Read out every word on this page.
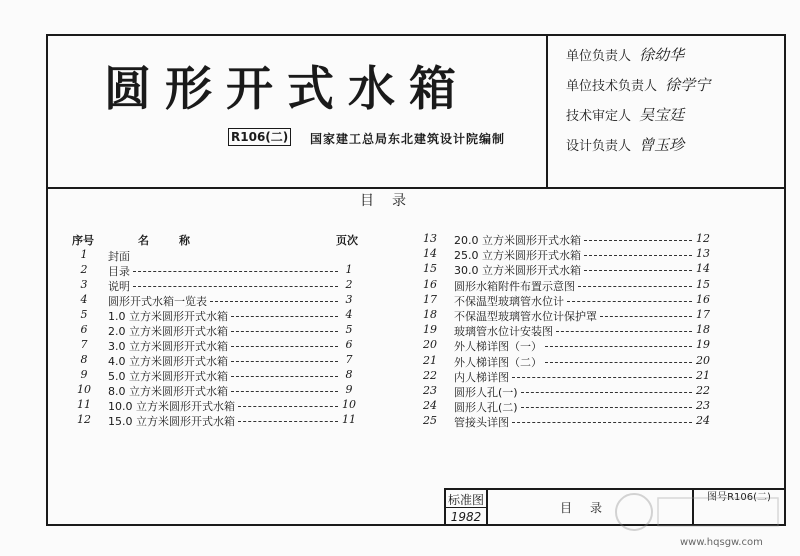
圆形开式水箱
R106(二) 国家建工总局东北建筑设计院编制
单位负责人 徐幼华
单位技术负责人 徐学宁
技术审定人 吴宝廷
设计负责人 曾玉珍
目录
序号	名称	页次
1	封面
2	目录	1
3	说明	2
4	圆形开式水箱一览表	3
5	1.0 立方米圆形开式水箱	4
6	2.0 立方米圆形开式水箱	5
7	3.0 立方米圆形开式水箱	6
8	4.0 立方米圆形开式水箱	7
9	5.0 立方米圆形开式水箱	8
10	8.0 立方米圆形开式水箱	9
11	10.0 立方米圆形开式水箱	10
12	15.0 立方米圆形开式水箱	11
13	20.0 立方米圆形开式水箱	12
14	25.0 立方米圆形开式水箱	13
15	30.0 立方米圆形开式水箱	14
16	圆形水箱附件布置示意图	15
17	不保温型玻璃管水位计	16
18	不保温型玻璃管水位计保护罩	17
19	玻璃管水位计安装图	18
20	外人梯详图（一）	19
21	外人梯详图（二）	20
22	内人梯详图	21
23	圆形人孔(一)	22
24	圆形人孔(二)	23
25	管接头详图	24
标准图
1982
目录
图号R106(二)
www.hqsgw.com
